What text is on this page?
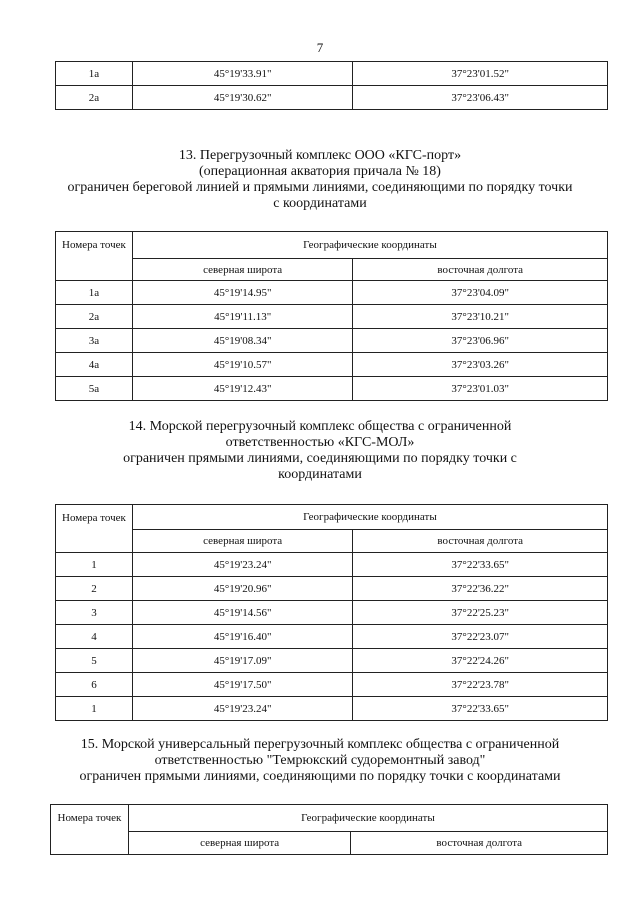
7
1а	45°19'33.91"	37°23'01.52"
2а	45°19'30.62"	37°23'06.43"
13. Перегрузочный комплекс ООО «КГС-порт»
(операционная акватория причала № 18)
ограничен береговой линией и прямыми линиями, соединяющими по порядку точки
с координатами
Номера точек	Географические координаты	
	северная широта	восточная долгота
1а	45°19'14.95"	37°23'04.09"
2а	45°19'11.13"	37°23'10.21"
3а	45°19'08.34"	37°23'06.96"
4а	45°19'10.57"	37°23'03.26"
5а	45°19'12.43"	37°23'01.03"
14. Морской перегрузочный комплекс общества с ограниченной
ответственностью «КГС-МОЛ»
ограничен прямыми линиями, соединяющими по порядку точки с
координатами
Номера точек	Географические координаты	
	северная широта	восточная долгота
1	45°19'23.24"	37°22'33.65"
2	45°19'20.96"	37°22'36.22"
3	45°19'14.56"	37°22'25.23"
4	45°19'16.40"	37°22'23.07"
5	45°19'17.09"	37°22'24.26"
6	45°19'17.50"	37°22'23.78"
1	45°19'23.24"	37°22'33.65"
15. Морской универсальный перегрузочный комплекс общества с ограниченной
ответственностью "Темрюкский судоремонтный завод"
ограничен прямыми линиями, соединяющими по порядку точки с координатами
Номера точек	Географические координаты	
	северная широта	восточная долгота
